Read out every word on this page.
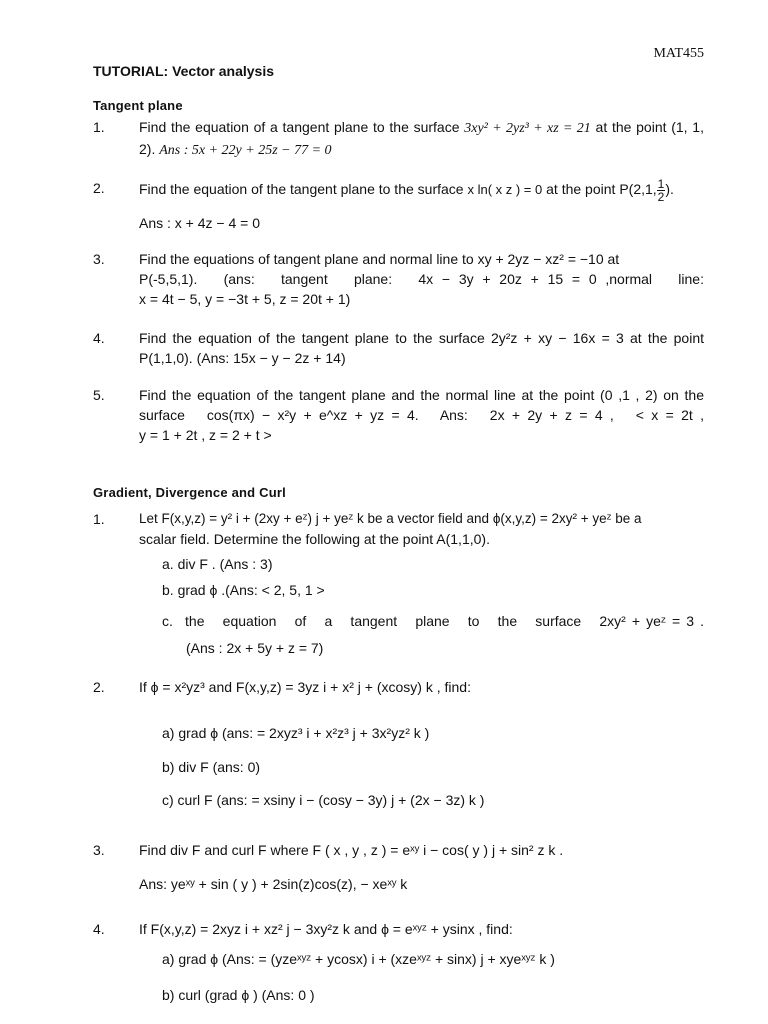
MAT455
TUTORIAL: Vector analysis
Tangent plane
1.	Find the equation of a tangent plane to the surface 3xy² + 2yz³ + xz = 21 at the point (1, 1, 2). Ans : 5x + 22y + 25z − 77 = 0
2.	Find the equation of the tangent plane to the surface x ln( x z ) = 0 at the point P(2,1, $\frac{1}{2}$ ).
Ans : x + 4z − 4 = 0
3.	Find the equations of tangent plane and normal line to xy + 2yz − xz² = −10 at
P(-5,5,1).   (ans:   tangent   plane:   4x − 3y + 20z + 15 = 0 ,normal   line:
x = 4t − 5, y = −3t + 5, z = 20t + 1)
4.	Find the equation of the tangent plane to the surface 2y²z + xy − 16x = 3 at the point
P(1,1,0). (Ans: 15x − y − 2z + 14)
5.	Find the equation of the tangent plane and the normal line at the point (0 ,1 , 2) on the
surface   cos(πx) − x²y + e^xz + yz = 4.   Ans:   2x + 2y + z = 4 ,   < x = 2t ,
y = 1 + 2t , z = 2 + t >
Gradient, Divergence and Curl
1.	Let F(x,y,z) = y² i + (2xy + eᶻ) j + yeᶻ k be a vector field and ϕ(x,y,z) = 2xy² + yeᶻ be a
scalar field. Determine the following at the point A(1,1,0).
a. div F . (Ans : 3)
b. grad ϕ .(Ans: < 2, 5, 1 >
c.  the   equation   of   a   tangent   plane   to   the   surface   2xy² + yeᶻ = 3 .
(Ans : 2x + 5y + z = 7)
2.	If ϕ = x²yz³ and F(x,y,z) = 3yz i + x² j + (xcosy) k , find:
a) grad ϕ (ans: = 2xyz³ i + x²z³ j + 3x²yz² k )
b) div F (ans: 0)
c) curl F (ans: = xsiny i − (cosy − 3y) j + (2x − 3z) k )
3.	Find div F and curl F where F ( x , y , z ) = eˣʸ i − cos( y ) j + sin² z k .
Ans: yeˣʸ + sin ( y ) + 2sin(z)cos(z), − xeˣʸ k
4.	If F(x,y,z) = 2xyz i + xz² j − 3xy²z k and ϕ = eˣʸᶻ + ysinx , find:
a) grad ϕ (Ans: = (yzeˣʸᶻ + ycosx) i + (xzeˣʸᶻ + sinx) j + xyeˣʸᶻ k )
b) curl (grad ϕ ) (Ans: 0 )
